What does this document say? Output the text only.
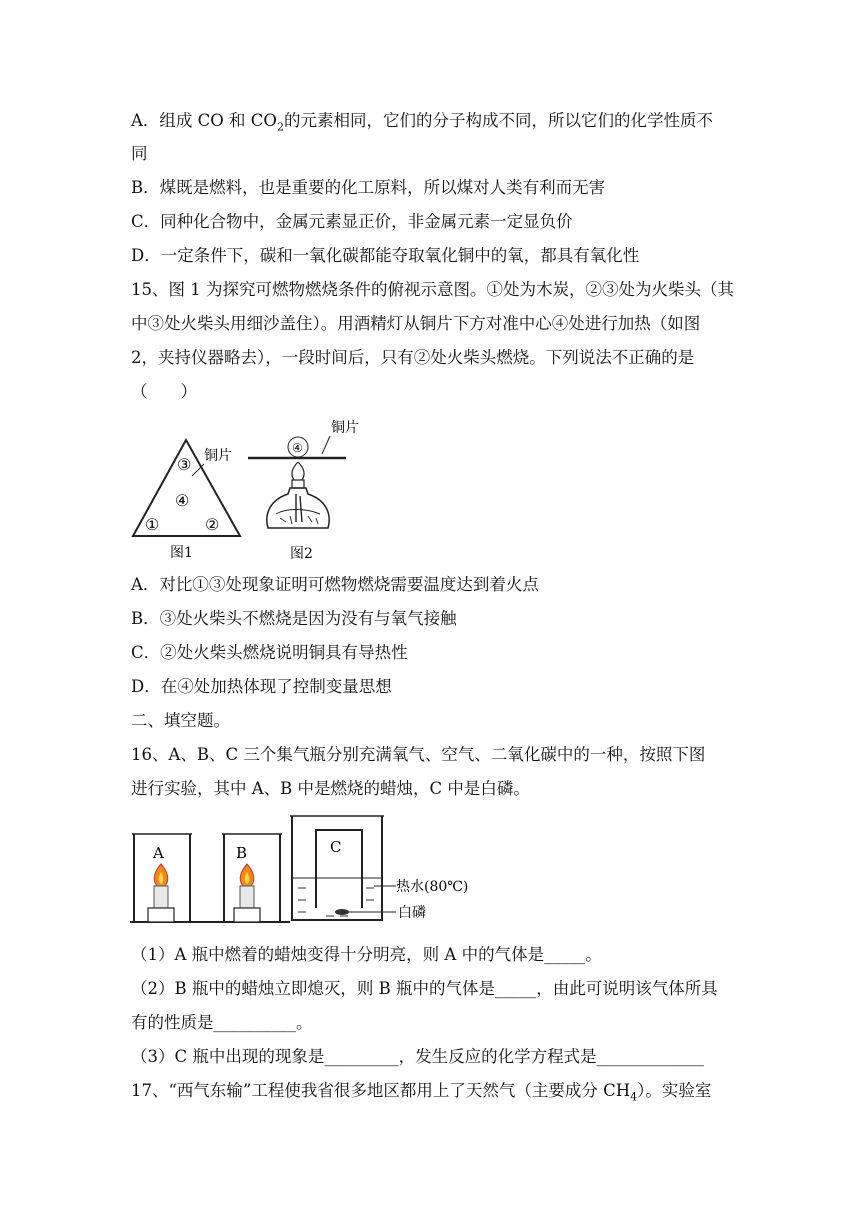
A．组成 CO 和 $CO_2$的元素相同，它们的分子构成不同，所以它们的化学性质不
同
B．煤既是燃料，也是重要的化工原料，所以煤对人类有利而无害
C．同种化合物中，金属元素显正价，非金属元素一定显负价
D．一定条件下，碳和一氧化碳都能夺取氧化铜中的氧，都具有氧化性
15、图 1 为探究可燃物燃烧条件的俯视示意图。①处为木炭，②③处为火柴头（其
中③处火柴头用细沙盖住）。用酒精灯从铜片下方对准中心④处进行加热（如图
2，夹持仪器略去），一段时间后，只有②处火柴头燃烧。下列说法不正确的是
（　　）
铜片
③
④
①	②
图1
铜片
④
图2
A．对比①③处现象证明可燃物燃烧需要温度达到着火点
B．③处火柴头不燃烧是因为没有与氧气接触
C．②处火柴头燃烧说明铜具有导热性
D．在④处加热体现了控制变量思想
二、填空题。
16、A、B、C 三个集气瓶分别充满氧气、空气、二氧化碳中的一种，按照下图
进行实验，其中 A、B 中是燃烧的蜡烛，C 中是白磷。
A	B	C
热水(80℃)
白磷
（1）A 瓶中燃着的蜡烛变得十分明亮，则 A 中的气体是_____。
（2）B 瓶中的蜡烛立即熄灭，则 B 瓶中的气体是_____，由此可说明该气体所具
有的性质是__________。
（3）C 瓶中出现的现象是_________，发生反应的化学方程式是_____________
17、“西气东输”工程使我省很多地区都用上了天然气（主要成分 $CH_4$）。实验室
